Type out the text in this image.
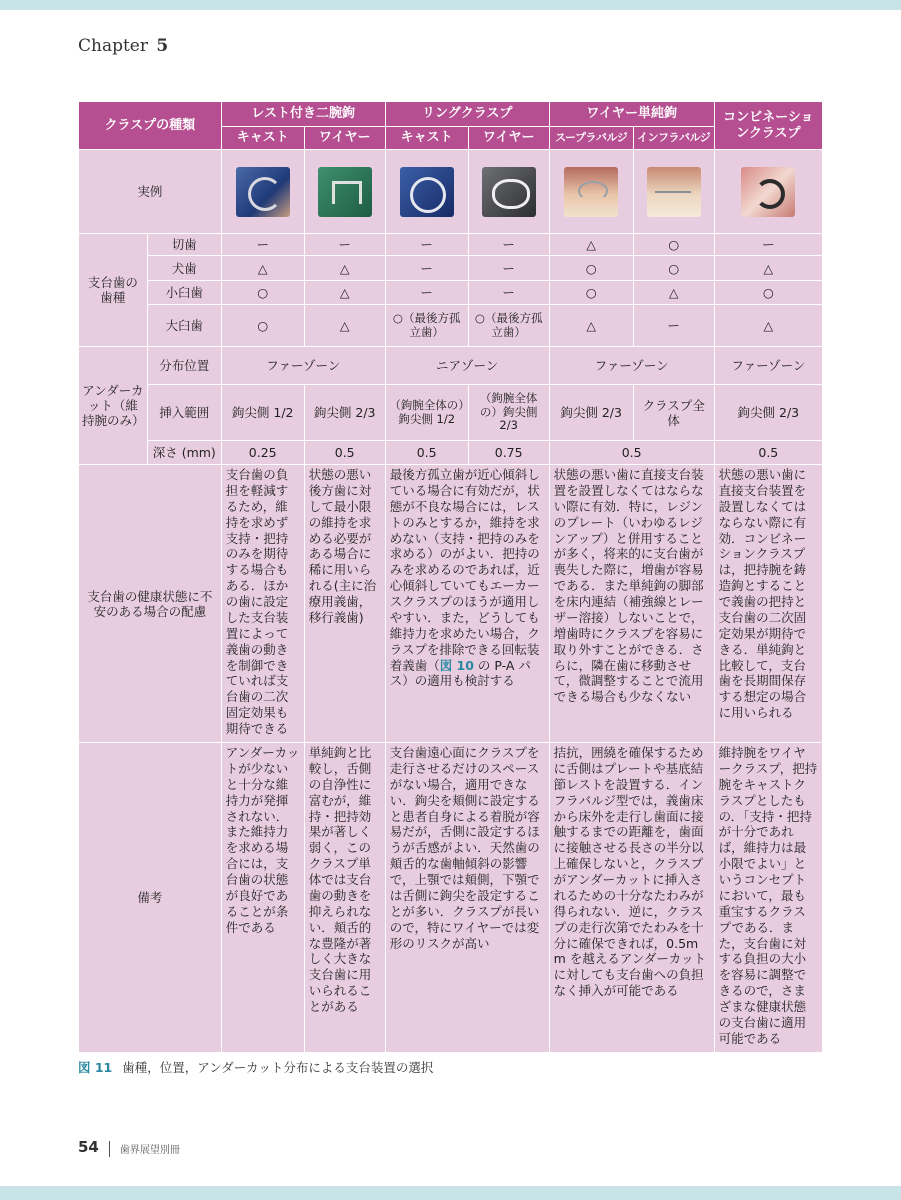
Chapter 5
クラスプの種類		レスト付き二腕鉤		リングクラスプ		ワイヤー単純鉤		コンビネーションクラスプ
		キャスト	ワイヤー	キャスト	ワイヤー	スープラバルジ	インフラバルジ	
実例								
支台歯の歯種	切歯	ー	ー	ー	ー	△	○	ー
	犬歯	△	△	ー	ー	○	○	△
	小臼歯	○	△	ー	ー	○	△	○
	大臼歯	○	△	○（最後方孤立歯）	○（最後方孤立歯）	△	ー	△
アンダーカット（維持腕のみ）	分布位置	ファーゾーン		ニアゾーン		ファーゾーン		ファーゾーン
	挿入範囲	鉤尖側 1/2	鉤尖側 2/3	（鉤腕全体の）鉤尖側 1/2	（鉤腕全体の）鉤尖側 2/3	鉤尖側 2/3	クラスプ全体	鉤尖側 2/3
	深さ (mm)	0.25	0.5	0.5	0.75	0.5		0.5
支台歯の健康状態に不安のある場合の配慮		支台歯の負担を軽減するため，維持を求めず支持・把持のみを期待する場合もある．ほかの歯に設定した支台装置によって義歯の動きを制御できていれば支台歯の二次固定効果も期待できる	状態の悪い後方歯に対して最小限の維持を求める必要がある場合に稀に用いられる(主に治療用義歯，移行義歯)	最後方孤立歯が近心傾斜している場合に有効だが，状態が不良な場合には，レストのみとするか，維持を求めない（支持・把持のみを求める）のがよい．把持のみを求めるのであれば，近心傾斜していてもエーカースクラスプのほうが適用しやすい．また，どうしても維持力を求めたい場合，クラスプを排除できる回転装着義歯（図 10 の P-A パス）の適用も検討する		状態の悪い歯に直接支台装置を設置しなくてはならない際に有効．特に，レジンのプレート（いわゆるレジンアップ）と併用することが多く，将来的に支台歯が喪失した際に，増歯が容易である．また単純鉤の脚部を床内連結（補強線とレーザー溶接）しないことで，増歯時にクラスプを容易に取り外すことができる．さらに，隣在歯に移動させて，微調整することで流用できる場合も少なくない		状態の悪い歯に直接支台装置を設置しなくてはならない際に有効．コンビネーションクラスプは，把持腕を鋳造鉤とすることで義歯の把持と支台歯の二次固定効果が期待できる．単純鉤と比較して，支台歯を長期間保存する想定の場合に用いられる
備考		アンダーカットが少ないと十分な維持力が発揮されない．また維持力を求める場合には，支台歯の状態が良好であることが条件である	単純鉤と比較し，舌側の自浄性に富むが，維持・把持効果が著しく弱く，このクラスプ単体では支台歯の動きを抑えられない．頬舌的な豊隆が著しく大きな支台歯に用いられることがある	支台歯遠心面にクラスプを走行させるだけのスペースがない場合，適用できない．鉤尖を頬側に設定すると患者自身による着脱が容易だが，舌側に設定するほうが舌感がよい．天然歯の頬舌的な歯軸傾斜の影響で，上顎では頬側，下顎では舌側に鉤尖を設定することが多い．クラスプが長いので，特にワイヤーでは変形のリスクが高い		拮抗，囲繞を確保するために舌側はプレートや基底結節レストを設置する．インフラバルジ型では，義歯床から床外を走行し歯面に接触するまでの距離を，歯面に接触させる長さの半分以上確保しないと，クラスプがアンダーカットに挿入されるための十分なたわみが得られない．逆に，クラスプの走行次第でたわみを十分に確保できれば，0.5mm を越えるアンダーカットに対しても支台歯への負担なく挿入が可能である		維持腕をワイヤークラスプ，把持腕をキャストクラスプとしたもの．「支持・把持が十分であれば，維持力は最小限でよい」というコンセプトにおいて，最も重宝するクラスプである．また，支台歯に対する負担の大小を容易に調整できるので，さまざまな健康状態の支台歯に適用可能である
図 11 歯種，位置，アンダーカット分布による支台装置の選択
54 歯界展望別冊
